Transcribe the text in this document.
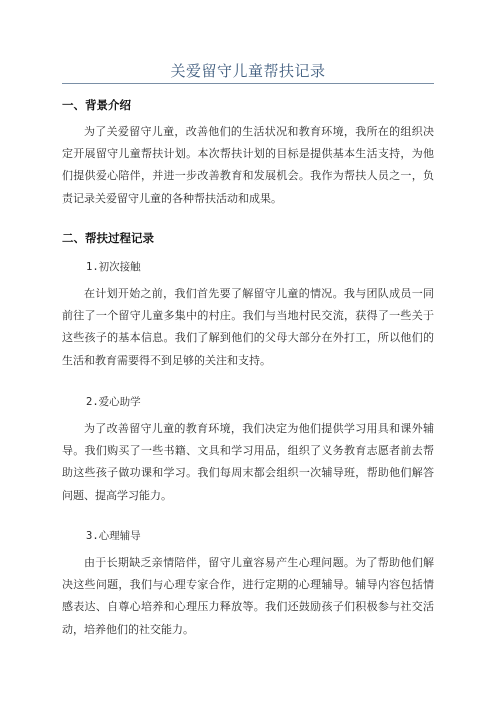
关爱留守儿童帮扶记录
一、背景介绍
为了关爱留守儿童，改善他们的生活状况和教育环境，我所在的组织决定开展留守儿童帮扶计划。本次帮扶计划的目标是提供基本生活支持，为他们提供爱心陪伴，并进一步改善教育和发展机会。我作为帮扶人员之一，负责记录关爱留守儿童的各种帮扶活动和成果。
二、帮扶过程记录
1.初次接触
在计划开始之前，我们首先要了解留守儿童的情况。我与团队成员一同前往了一个留守儿童多集中的村庄。我们与当地村民交流，获得了一些关于这些孩子的基本信息。我们了解到他们的父母大部分在外打工，所以他们的生活和教育需要得不到足够的关注和支持。
2.爱心助学
为了改善留守儿童的教育环境，我们决定为他们提供学习用具和课外辅导。我们购买了一些书籍、文具和学习用品，组织了义务教育志愿者前去帮助这些孩子做功课和学习。我们每周末都会组织一次辅导班，帮助他们解答问题、提高学习能力。
3.心理辅导
由于长期缺乏亲情陪伴，留守儿童容易产生心理问题。为了帮助他们解决这些问题，我们与心理专家合作，进行定期的心理辅导。辅导内容包括情感表达、自尊心培养和心理压力释放等。我们还鼓励孩子们积极参与社交活动，培养他们的社交能力。
